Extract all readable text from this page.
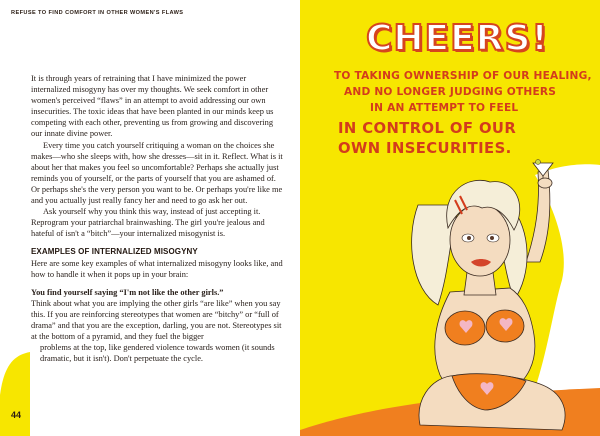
REFUSE TO FIND COMFORT IN OTHER WOMEN'S FLAWS

It is through years of retraining that I have minimized the power internalized misogyny has over my thoughts. We seek comfort in other women's perceived “flaws” in an attempt to avoid addressing our own insecurities. The toxic ideas that have been planted in our minds keep us competing with each other, preventing us from growing and discovering our innate divine power.

Every time you catch yourself critiquing a woman on the choices she makes—who she sleeps with, how she dresses—sit in it. Reflect. What is it about her that makes you feel so uncomfortable? Perhaps she actually just reminds you of yourself, or the parts of yourself that you are ashamed of. Or perhaps she's the very person you want to be. Or perhaps you're like me and you actually just really fancy her and need to go ask her out.

Ask yourself why you think this way, instead of just accepting it. Reprogram your patriarchal brainwashing. The girl you're jealous and hateful of isn't a “bitch”—your internalized misogynist is.

EXAMPLES OF INTERNALIZED MISOGYNY

Here are some key examples of what internalized misogyny looks like, and how to handle it when it pops up in your brain:

You find yourself saying “I'm not like the other girls.”

Think about what you are implying the other girls “are like” when you say this. If you are reinforcing stereotypes that women are “bitchy” or “full of drama” and that you are the exception, darling, you are not. Stereotypes sit at the bottom of a pyramid, and they fuel the bigger

problems at the top, like gendered violence towards women (it sounds dramatic, but it isn't). Don't perpetuate the cycle.

44
CHEERS!
TO TAKING OWNERSHIP OF OUR HEALING,
AND NO LONGER JUDGING OTHERS
IN AN ATTEMPT TO FEEL
IN CONTROL OF OUR
OWN INSECURITIES.
